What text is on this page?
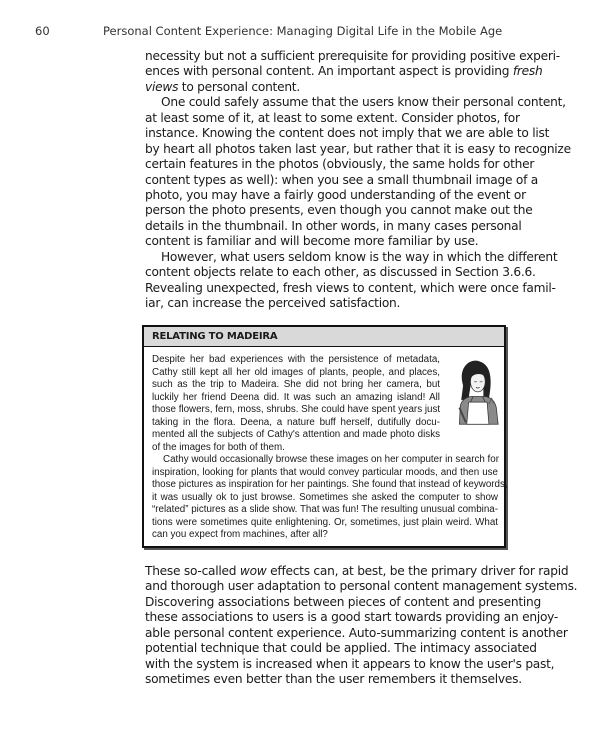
60	Personal Content Experience: Managing Digital Life in the Mobile Age
necessity but not a sufficient prerequisite for providing positive experi-
ences with personal content. An important aspect is providing fresh
views to personal content.
One could safely assume that the users know their personal content,
at least some of it, at least to some extent. Consider photos, for
instance. Knowing the content does not imply that we are able to list
by heart all photos taken last year, but rather that it is easy to recognize
certain features in the photos (obviously, the same holds for other
content types as well): when you see a small thumbnail image of a
photo, you may have a fairly good understanding of the event or
person the photo presents, even though you cannot make out the
details in the thumbnail. In other words, in many cases personal
content is familiar and will become more familiar by use.
However, what users seldom know is the way in which the different
content objects relate to each other, as discussed in Section 3.6.6.
Revealing unexpected, fresh views to content, which were once famil-
iar, can increase the perceived satisfaction.
RELATING TO MADEIRA
Despite her bad experiences with the persistence of metadata,
Cathy still kept all her old images of plants, people, and places,
such as the trip to Madeira. She did not bring her camera, but
luckily her friend Deena did. It was such an amazing island! All
those flowers, fern, moss, shrubs. She could have spent years just
taking in the flora. Deena, a nature buff herself, dutifully docu-
mented all the subjects of Cathy's attention and made photo disks
of the images for both of them.
Cathy would occasionally browse these images on her computer in search for
inspiration, looking for plants that would convey particular moods, and then use
those pictures as inspiration for her paintings. She found that instead of keywords,
it was usually ok to just browse. Sometimes she asked the computer to show
“related” pictures as a slide show. That was fun! The resulting unusual combina-
tions were sometimes quite enlightening. Or, sometimes, just plain weird. What
can you expect from machines, after all?
These so-called wow effects can, at best, be the primary driver for rapid
and thorough user adaptation to personal content management systems.
Discovering associations between pieces of content and presenting
these associations to users is a good start towards providing an enjoy-
able personal content experience. Auto-summarizing content is another
potential technique that could be applied. The intimacy associated
with the system is increased when it appears to know the user's past,
sometimes even better than the user remembers it themselves.
